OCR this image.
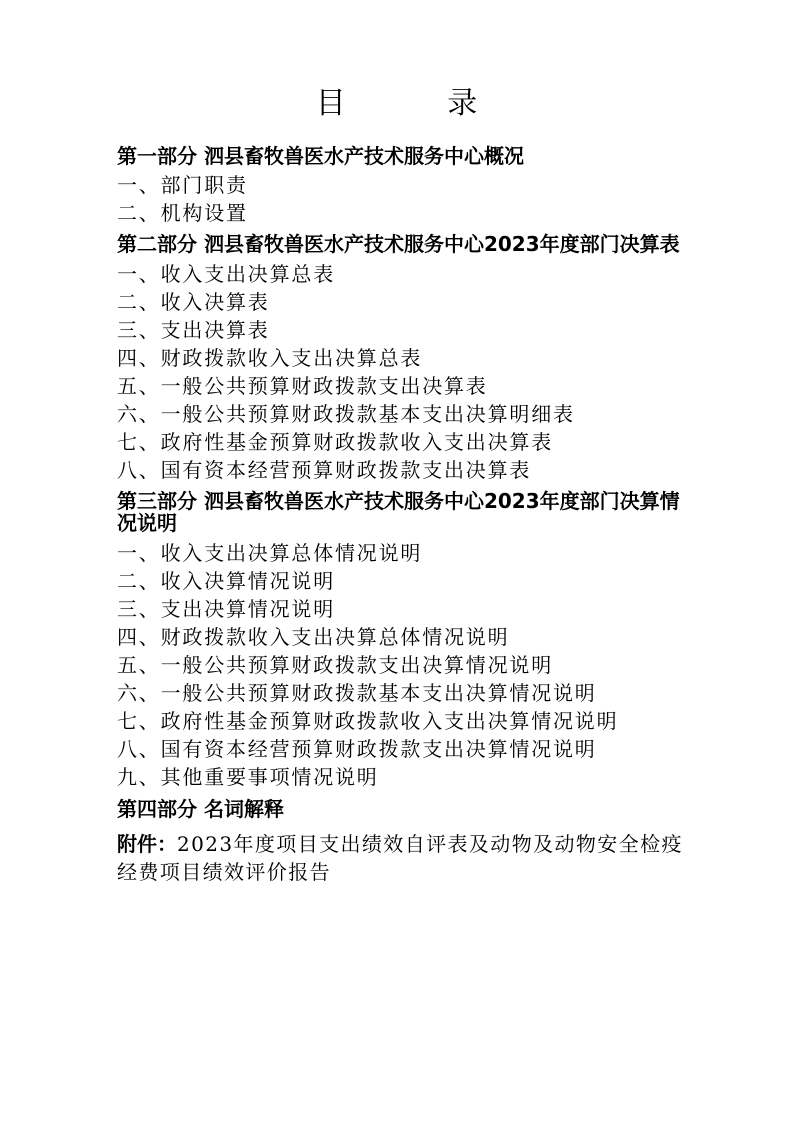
目 录
第一部分 泗县畜牧兽医水产技术服务中心概况
一、部门职责
二、机构设置
第二部分 泗县畜牧兽医水产技术服务中心2023年度部门决算表
一、收入支出决算总表
二、收入决算表
三、支出决算表
四、财政拨款收入支出决算总表
五、一般公共预算财政拨款支出决算表
六、一般公共预算财政拨款基本支出决算明细表
七、政府性基金预算财政拨款收入支出决算表
八、国有资本经营预算财政拨款支出决算表
第三部分 泗县畜牧兽医水产技术服务中心2023年度部门决算情况说明
一、收入支出决算总体情况说明
二、收入决算情况说明
三、支出决算情况说明
四、财政拨款收入支出决算总体情况说明
五、一般公共预算财政拨款支出决算情况说明
六、一般公共预算财政拨款基本支出决算情况说明
七、政府性基金预算财政拨款收入支出决算情况说明
八、国有资本经营预算财政拨款支出决算情况说明
九、其他重要事项情况说明
第四部分 名词解释
附件：2023年度项目支出绩效自评表及动物及动物安全检疫经费项目绩效评价报告
